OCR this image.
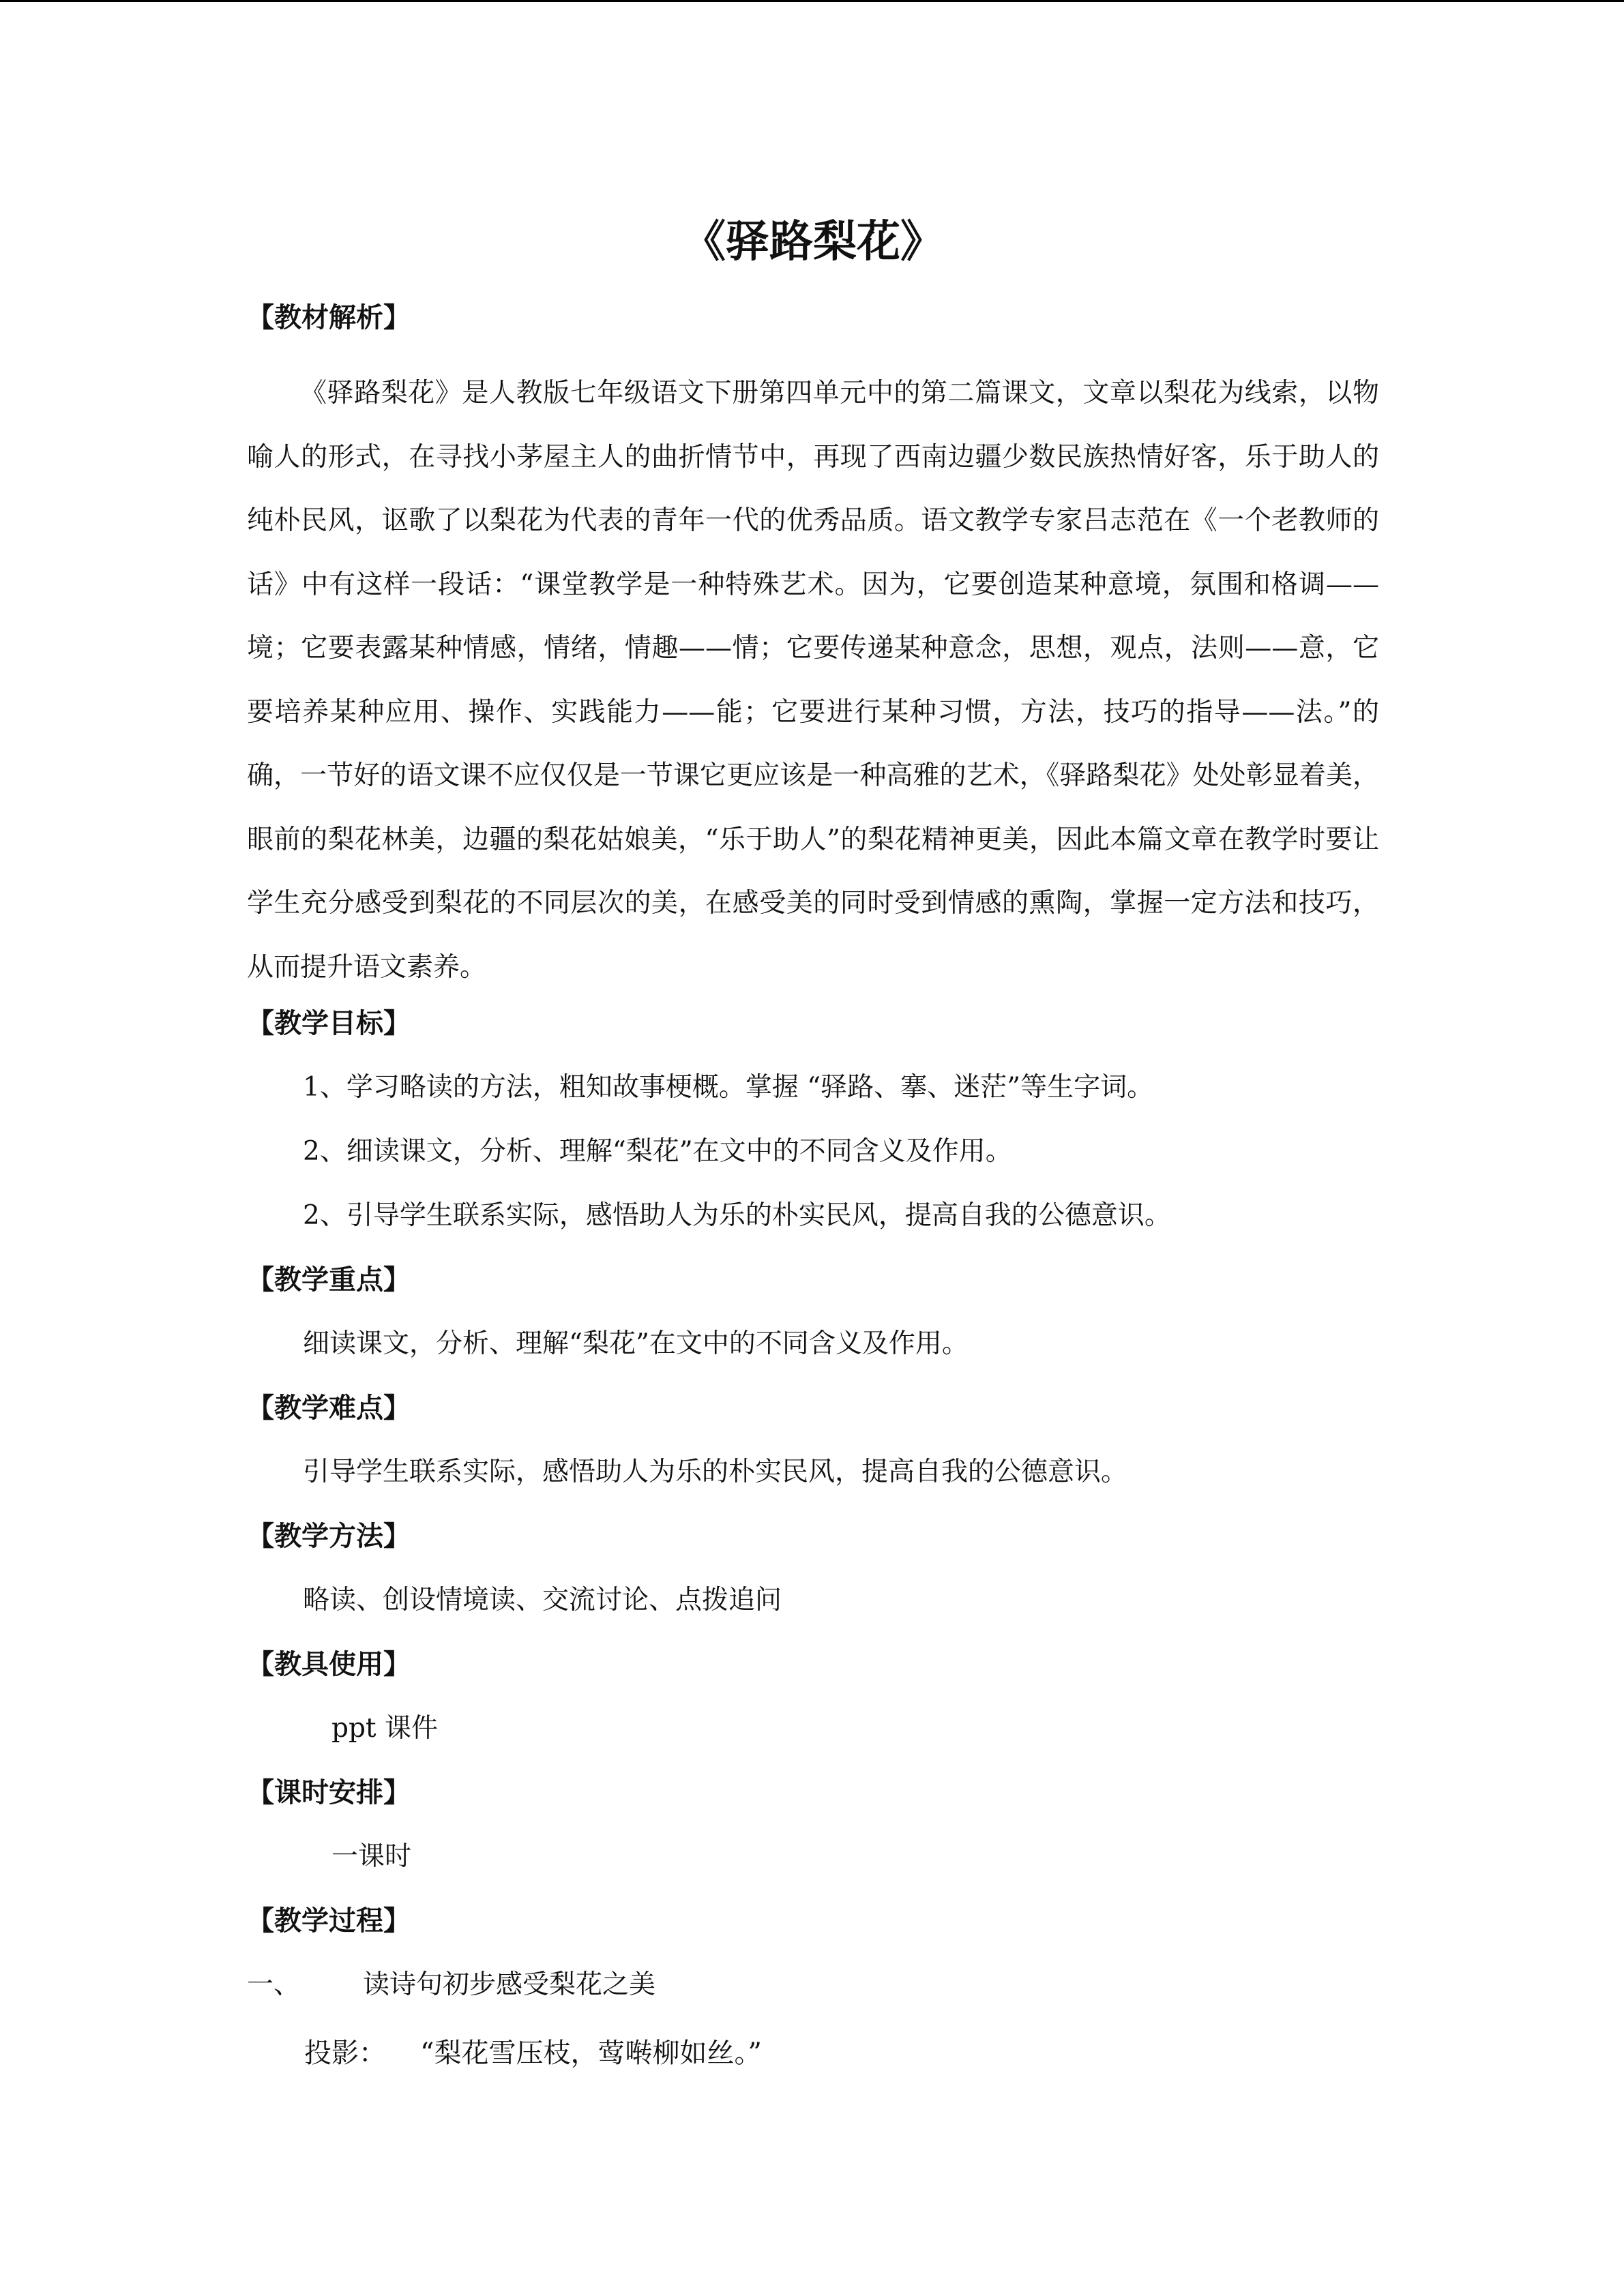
《驿路梨花》
【教材解析】
《驿路梨花》是人教版七年级语文下册第四单元中的第二篇课文，文章以梨花为线索，以物喻人的形式，在寻找小茅屋主人的曲折情节中，再现了西南边疆少数民族热情好客，乐于助人的纯朴民风，讴歌了以梨花为代表的青年一代的优秀品质。语文教学专家吕志范在《一个老教师的话》中有这样一段话：“课堂教学是一种特殊艺术。因为，它要创造某种意境，氛围和格调——境；它要表露某种情感，情绪，情趣——情；它要传递某种意念，思想，观点，法则——意，它要培养某种应用、操作、实践能力——能；它要进行某种习惯，方法，技巧的指导——法。”的确，一节好的语文课不应仅仅是一节课它更应该是一种高雅的艺术，《驿路梨花》处处彰显着美，眼前的梨花林美，边疆的梨花姑娘美，“乐于助人”的梨花精神更美，因此本篇文章在教学时要让学生充分感受到梨花的不同层次的美，在感受美的同时受到情感的熏陶，掌握一定方法和技巧，从而提升语文素养。
【教学目标】
1、学习略读的方法，粗知故事梗概。掌握 “驿路、搴、迷茫”等生字词。
2、细读课文，分析、理解“梨花”在文中的不同含义及作用。
2、引导学生联系实际，感悟助人为乐的朴实民风，提高自我的公德意识。
【教学重点】
细读课文，分析、理解“梨花”在文中的不同含义及作用。
【教学难点】
引导学生联系实际，感悟助人为乐的朴实民风，提高自我的公德意识。
【教学方法】
略读、创设情境读、交流讨论、点拨追问
【教具使用】
ppt 课件
【课时安排】
一课时
【教学过程】
一、 读诗句初步感受梨花之美
投影： “梨花雪压枝，莺啭柳如丝。”
